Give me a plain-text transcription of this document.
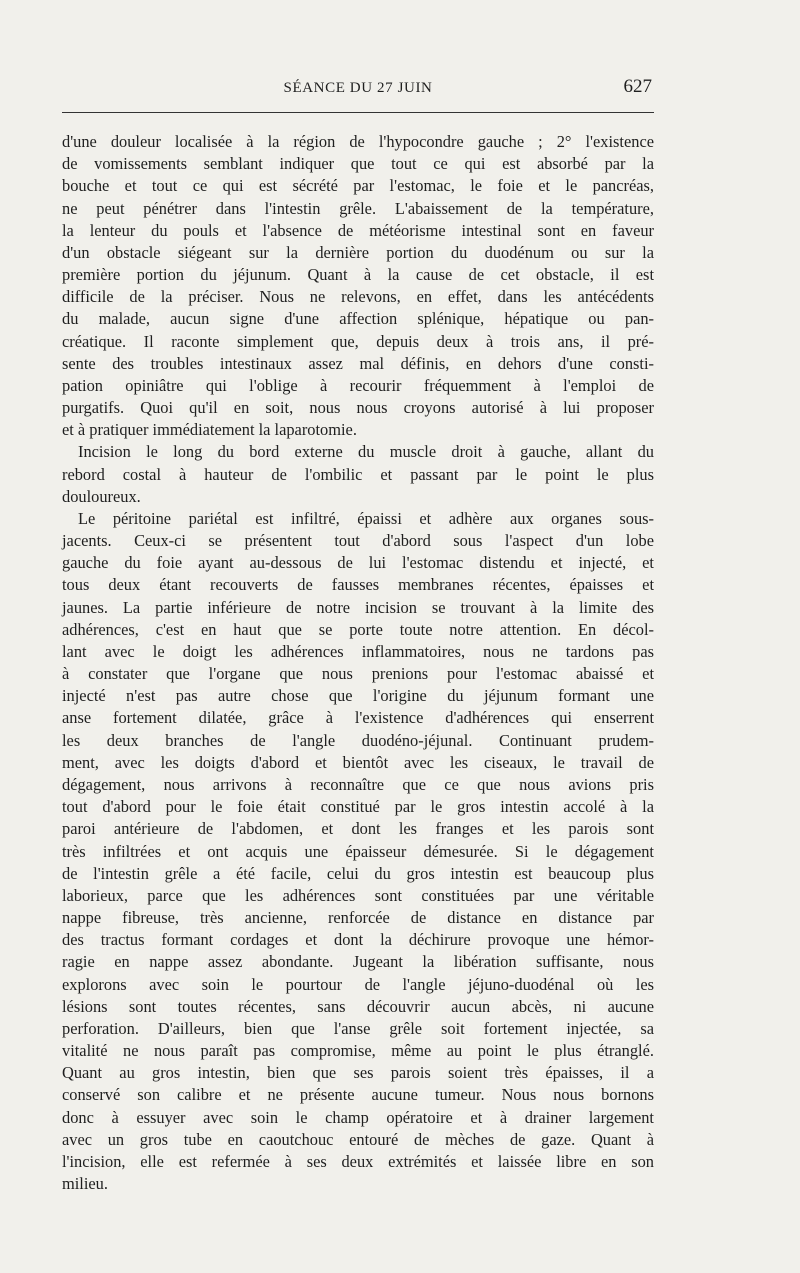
SÉANCE DU 27 JUIN	627
d'une douleur localisée à la région de l'hypocondre gauche ; 2° l'existence
de vomissements semblant indiquer que tout ce qui est absorbé par la
bouche et tout ce qui est sécrété par l'estomac, le foie et le pancréas,
ne peut pénétrer dans l'intestin grêle. L'abaissement de la température,
la lenteur du pouls et l'absence de météorisme intestinal sont en faveur
d'un obstacle siégeant sur la dernière portion du duodénum ou sur la
première portion du jéjunum. Quant à la cause de cet obstacle, il est
difficile de la préciser. Nous ne relevons, en effet, dans les antécédents
du malade, aucun signe d'une affection splénique, hépatique ou pan-
créatique. Il raconte simplement que, depuis deux à trois ans, il pré-
sente des troubles intestinaux assez mal définis, en dehors d'une consti-
pation opiniâtre qui l'oblige à recourir fréquemment à l'emploi de
purgatifs. Quoi qu'il en soit, nous nous croyons autorisé à lui proposer
et à pratiquer immédiatement la laparotomie.
Incision le long du bord externe du muscle droit à gauche, allant du
rebord costal à hauteur de l'ombilic et passant par le point le plus
douloureux.
Le péritoine pariétal est infiltré, épaissi et adhère aux organes sous-
jacents. Ceux-ci se présentent tout d'abord sous l'aspect d'un lobe
gauche du foie ayant au-dessous de lui l'estomac distendu et injecté, et
tous deux étant recouverts de fausses membranes récentes, épaisses et
jaunes. La partie inférieure de notre incision se trouvant à la limite des
adhérences, c'est en haut que se porte toute notre attention. En décol-
lant avec le doigt les adhérences inflammatoires, nous ne tardons pas
à constater que l'organe que nous prenions pour l'estomac abaissé et
injecté n'est pas autre chose que l'origine du jéjunum formant une
anse fortement dilatée, grâce à l'existence d'adhérences qui enserrent
les deux branches de l'angle duodéno-jéjunal. Continuant prudem-
ment, avec les doigts d'abord et bientôt avec les ciseaux, le travail de
dégagement, nous arrivons à reconnaître que ce que nous avions pris
tout d'abord pour le foie était constitué par le gros intestin accolé à la
paroi antérieure de l'abdomen, et dont les franges et les parois sont
très infiltrées et ont acquis une épaisseur démesurée. Si le dégagement
de l'intestin grêle a été facile, celui du gros intestin est beaucoup plus
laborieux, parce que les adhérences sont constituées par une véritable
nappe fibreuse, très ancienne, renforcée de distance en distance par
des tractus formant cordages et dont la déchirure provoque une hémor-
ragie en nappe assez abondante. Jugeant la libération suffisante, nous
explorons avec soin le pourtour de l'angle jéjuno-duodénal où les
lésions sont toutes récentes, sans découvrir aucun abcès, ni aucune
perforation. D'ailleurs, bien que l'anse grêle soit fortement injectée, sa
vitalité ne nous paraît pas compromise, même au point le plus étranglé.
Quant au gros intestin, bien que ses parois soient très épaisses, il a
conservé son calibre et ne présente aucune tumeur. Nous nous bornons
donc à essuyer avec soin le champ opératoire et à drainer largement
avec un gros tube en caoutchouc entouré de mèches de gaze. Quant à
l'incision, elle est refermée à ses deux extrémités et laissée libre en son
milieu.
